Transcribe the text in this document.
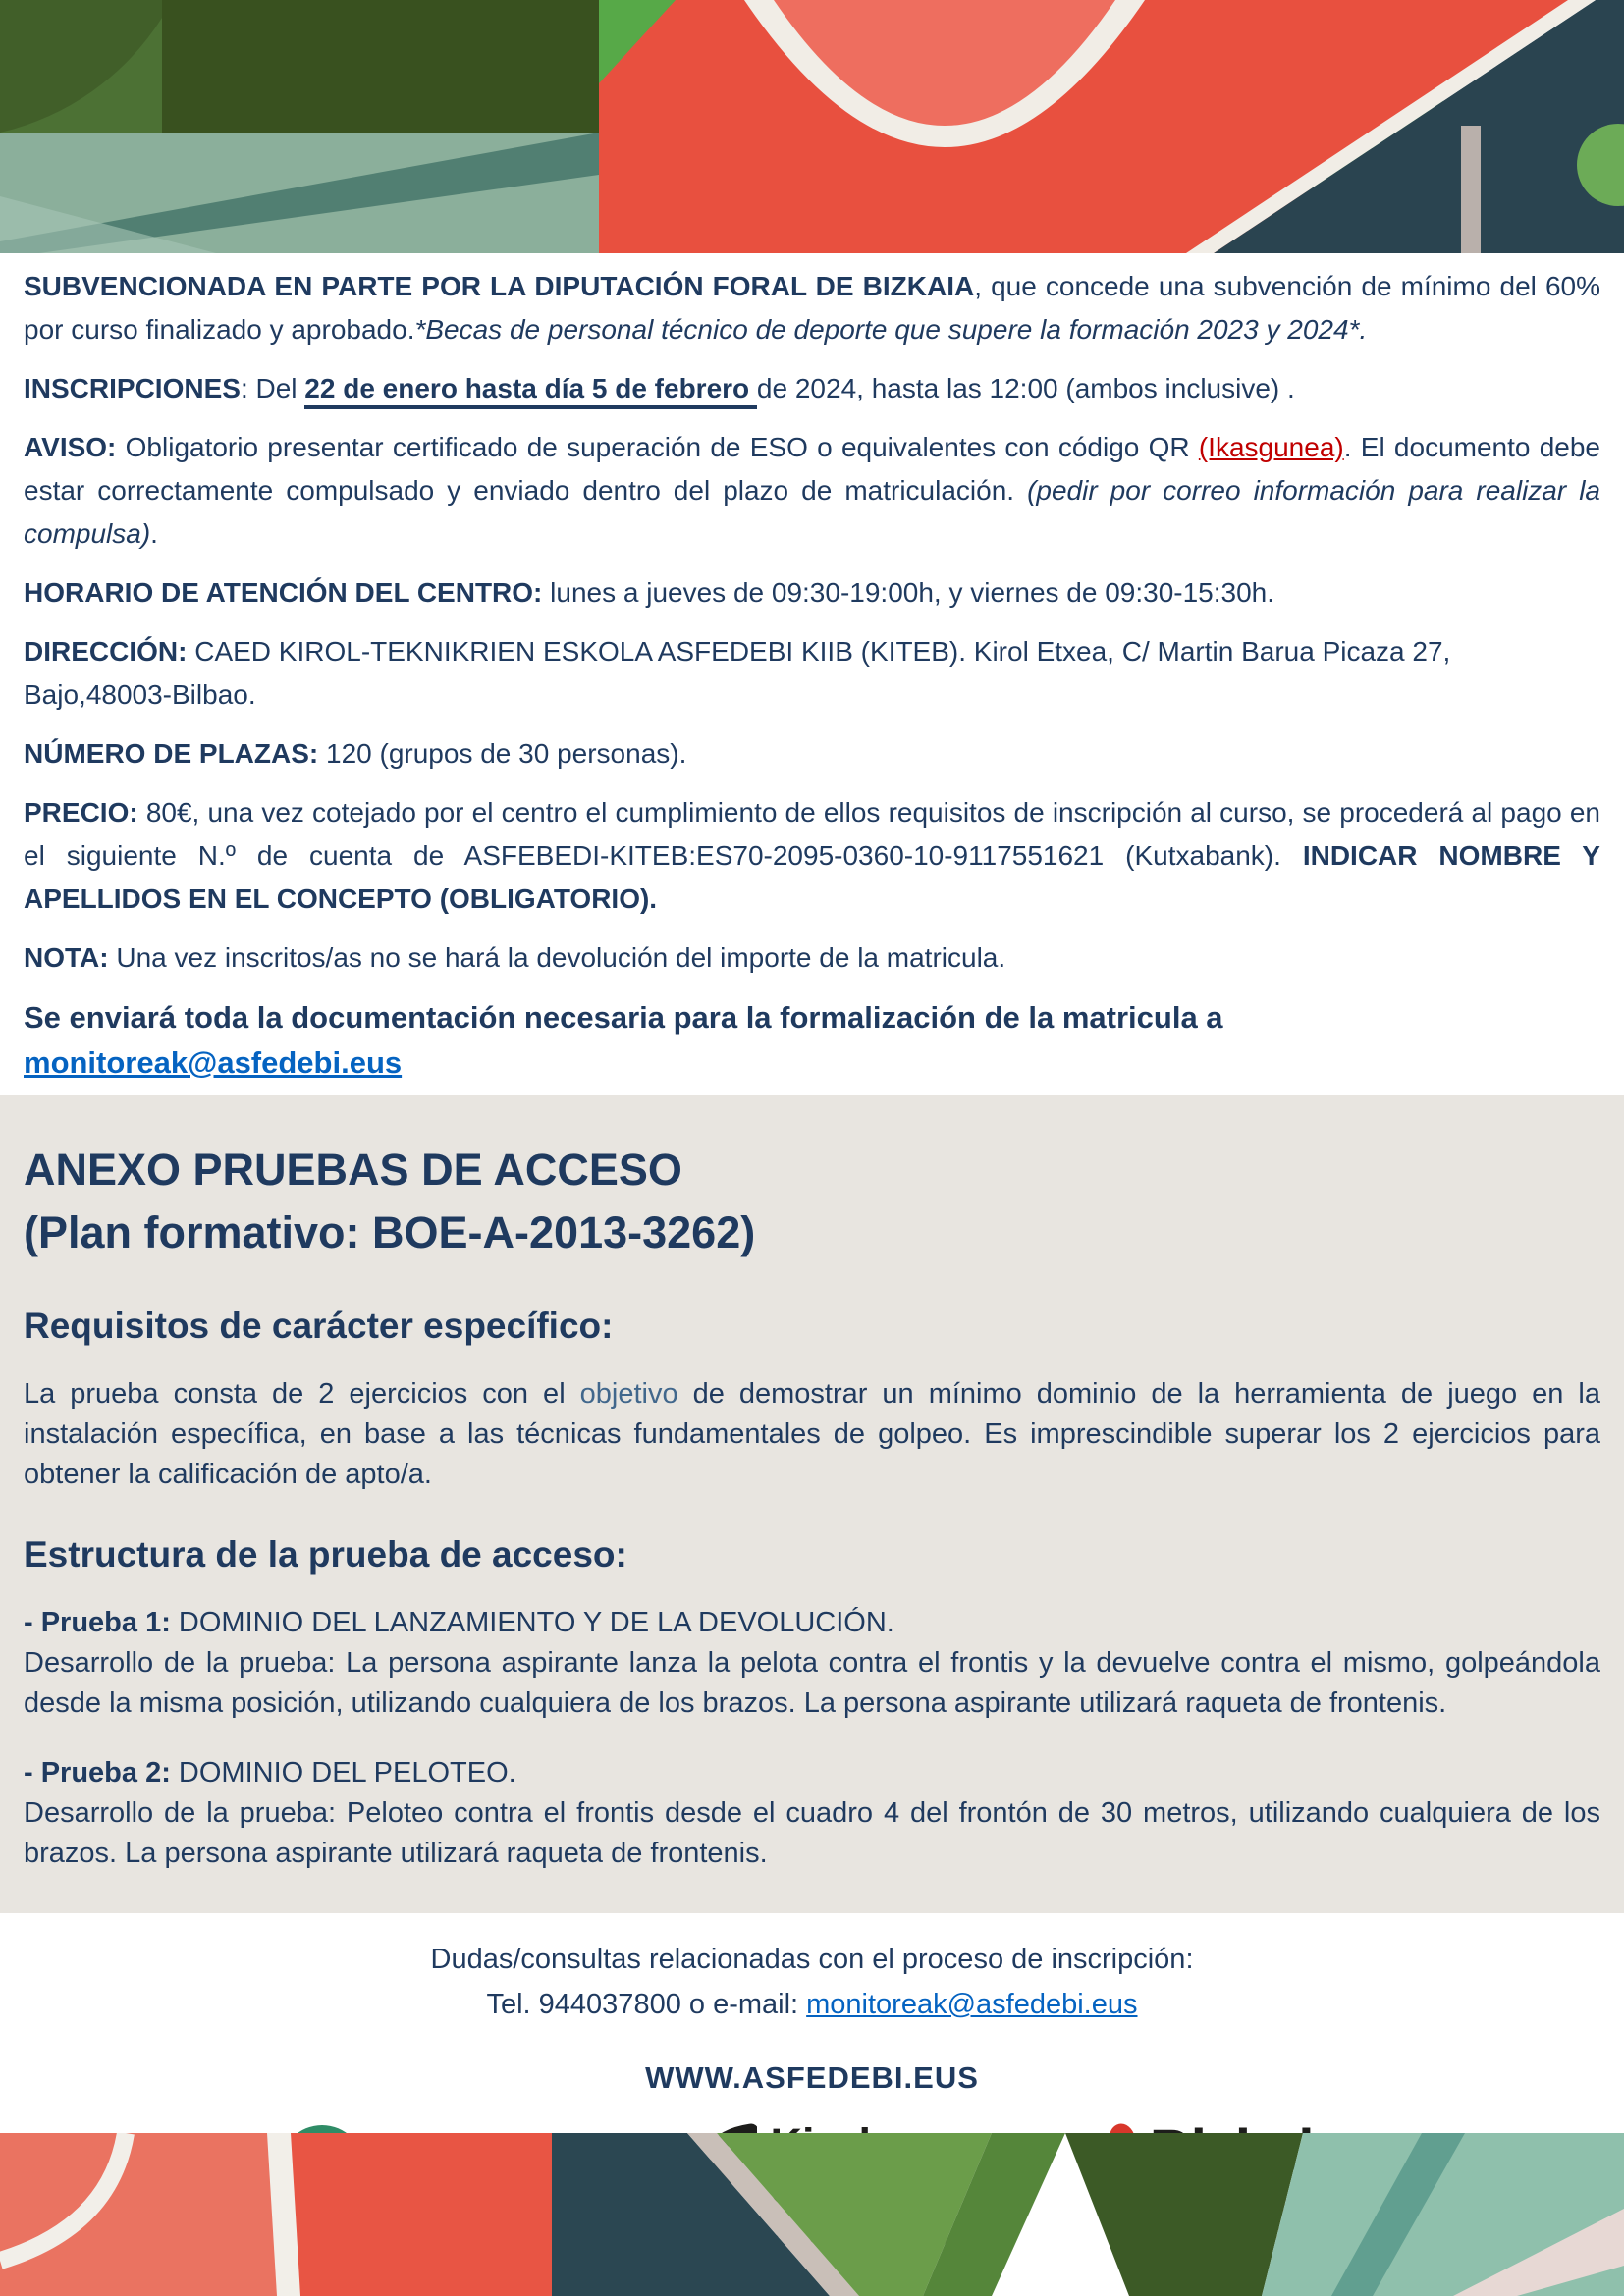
SUBVENCIONADA EN PARTE POR LA DIPUTACIÓN FORAL DE BIZKAIA, que concede una subvención de mínimo del 60% por curso finalizado y aprobado.*Becas de personal técnico de deporte que supere la formación 2023 y 2024*.

INSCRIPCIONES: Del 22 de enero hasta día 5 de febrero de 2024, hasta las 12:00 (ambos inclusive) .

AVISO: Obligatorio presentar certificado de superación de ESO o equivalentes con código QR (Ikasgunea). El documento debe estar correctamente compulsado y enviado dentro del plazo de matriculación. (pedir por correo información para realizar la compulsa).

HORARIO DE ATENCIÓN DEL CENTRO: lunes a jueves de 09:30-19:00h, y viernes de 09:30-15:30h.

DIRECCIÓN: CAED KIROL-TEKNIKRIEN ESKOLA ASFEDEBI KIIB (KITEB). Kirol Etxea, C/ Martin Barua Picaza 27, Bajo,48003-Bilbao.

NÚMERO DE PLAZAS: 120 (grupos de 30 personas).

PRECIO: 80€, una vez cotejado por el centro el cumplimiento de ellos requisitos de inscripción al curso, se procederá al pago en el siguiente N.º de cuenta de ASFEBEDI-KITEB:ES70-2095-0360-10-9117551621 (Kutxabank). INDICAR NOMBRE Y APELLIDOS EN EL CONCEPTO (OBLIGATORIO).

NOTA: Una vez inscritos/as no se hará la devolución del importe de la matricula.

Se enviará toda la documentación necesaria para la formalización de la matricula a monitoreak@asfedebi.eus

ANEXO PRUEBAS DE ACCESO
(Plan formativo: BOE-A-2013-3262)
Requisitos de carácter específico:

La prueba consta de 2 ejercicios con el objetivo de demostrar un mínimo dominio de la herramienta de juego en la instalación específica, en base a las técnicas fundamentales de golpeo. Es imprescindible superar los 2 ejercicios para obtener la calificación de apto/a.

Estructura de la prueba de acceso:
- Prueba 1: DOMINIO DEL LANZAMIENTO Y DE LA DEVOLUCIÓN.
Desarrollo de la prueba: La persona aspirante lanza la pelota contra el frontis y la devuelve contra el mismo, golpeándola desde la misma posición, utilizando cualquiera de los brazos. La persona aspirante utilizará raqueta de frontenis.
- Prueba 2: DOMINIO DEL PELOTEO.
Desarrollo de la prueba: Peloteo contra el frontis desde el cuadro 4 del frontón de 30 metros, utilizando cualquiera de los brazos. La persona aspirante utilizará raqueta de frontenis.
Dudas/consultas relacionadas con el proceso de inscripción:
Tel. 944037800 o e-mail: monitoreak@asfedebi.eus
WWW.ASFEDEBI.EUS
